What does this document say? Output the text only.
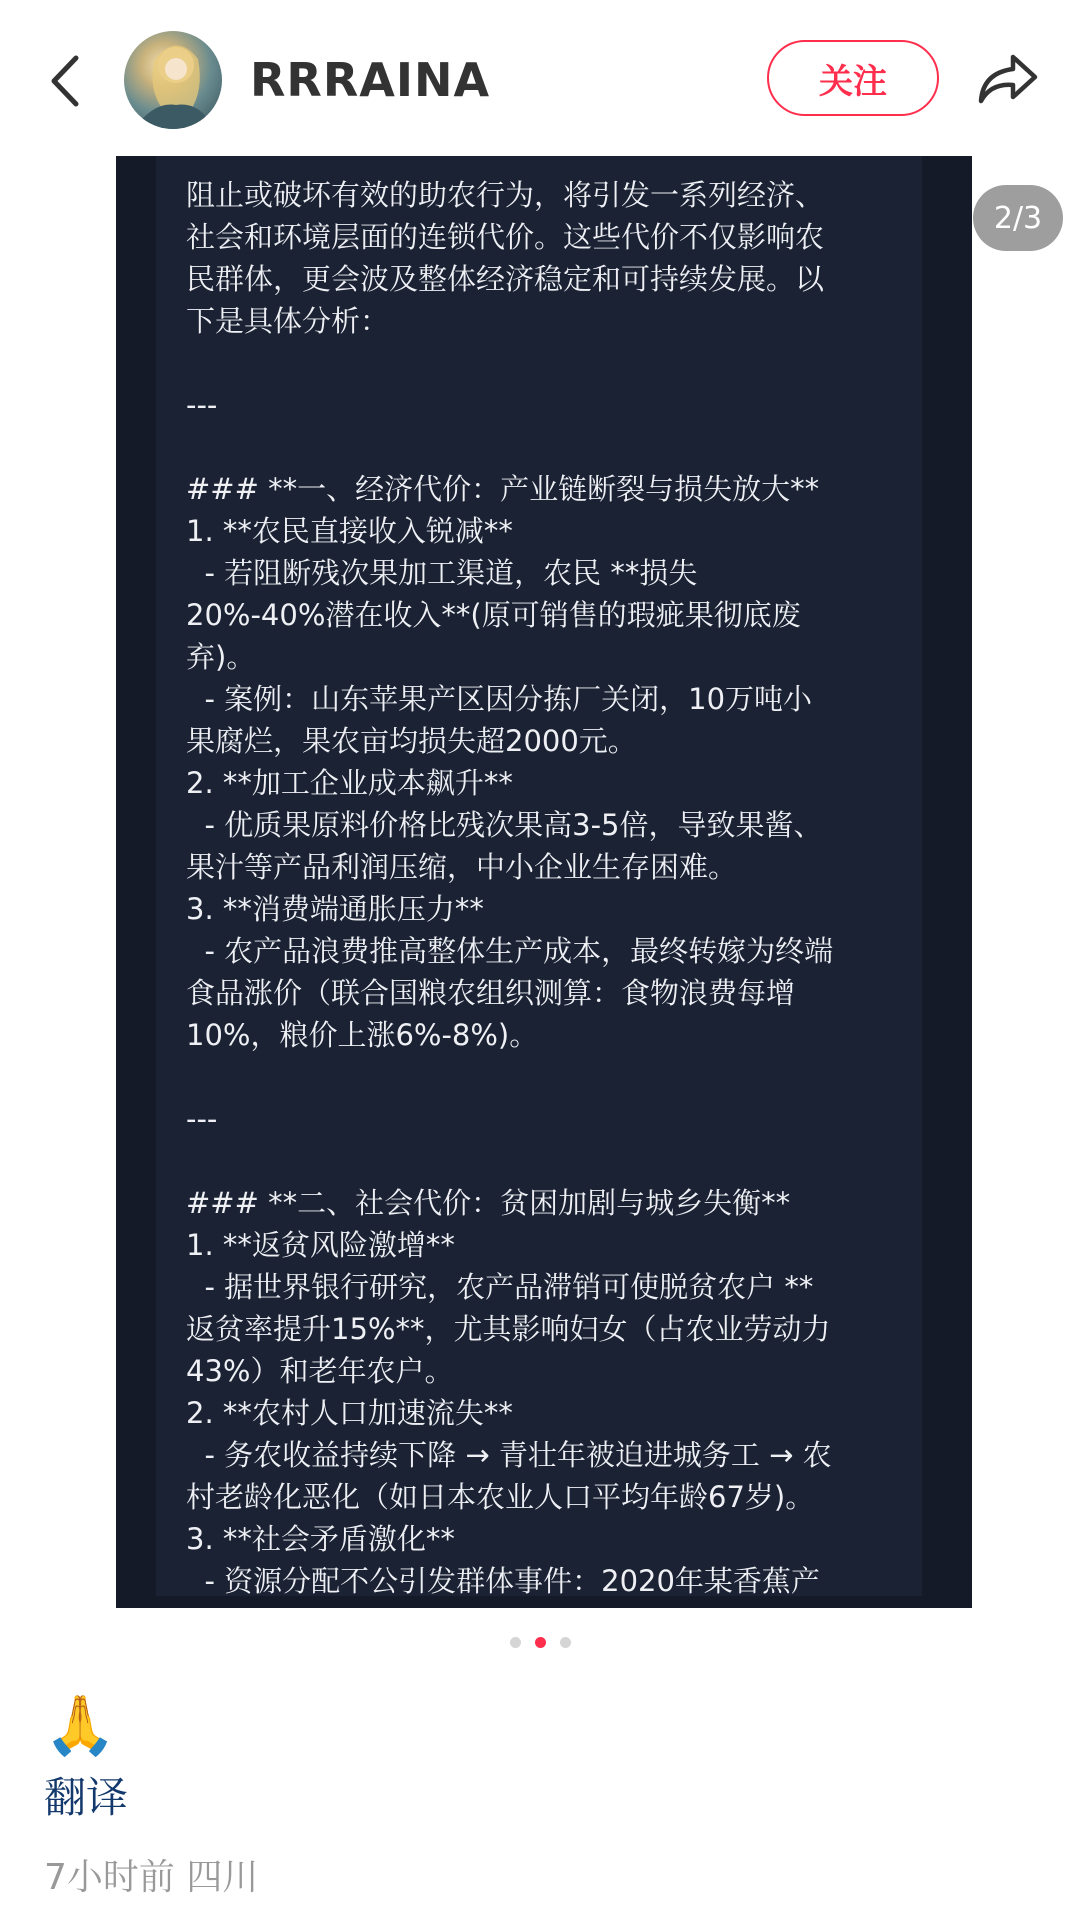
RRRAINA	关注
阻止或破坏有效的助农行为，将引发一系列经济、
社会和环境层面的连锁代价。这些代价不仅影响农
民群体，更会波及整体经济稳定和可持续发展。以
下是具体分析：

---

### **一、经济代价：产业链断裂与损失放大**
1. **农民直接收入锐减**
- 若阻断残次果加工渠道，农民 **损失
20%-40%潜在收入**(原可销售的瑕疵果彻底废
弃)。
- 案例：山东苹果产区因分拣厂关闭，10万吨小
果腐烂，果农亩均损失超2000元。
2. **加工企业成本飙升**
- 优质果原料价格比残次果高3-5倍，导致果酱、
果汁等产品利润压缩，中小企业生存困难。
3. **消费端通胀压力**
- 农产品浪费推高整体生产成本，最终转嫁为终端
食品涨价（联合国粮农组织测算：食物浪费每增
10%，粮价上涨6%-8%)。

---

### **二、社会代价：贫困加剧与城乡失衡**
1. **返贫风险激增**
- 据世界银行研究，农产品滞销可使脱贫农户 **
返贫率提升15%**，尤其影响妇女（占农业劳动力
43%）和老年农户。
2. **农村人口加速流失**
- 务农收益持续下降 → 青壮年被迫进城务工 → 农
村老龄化恶化（如日本农业人口平均年龄67岁)。
3. **社会矛盾激化**
- 资源分配不公引发群体事件：2020年某香蕉产
2/3
🙏
翻译
7小时前 四川
